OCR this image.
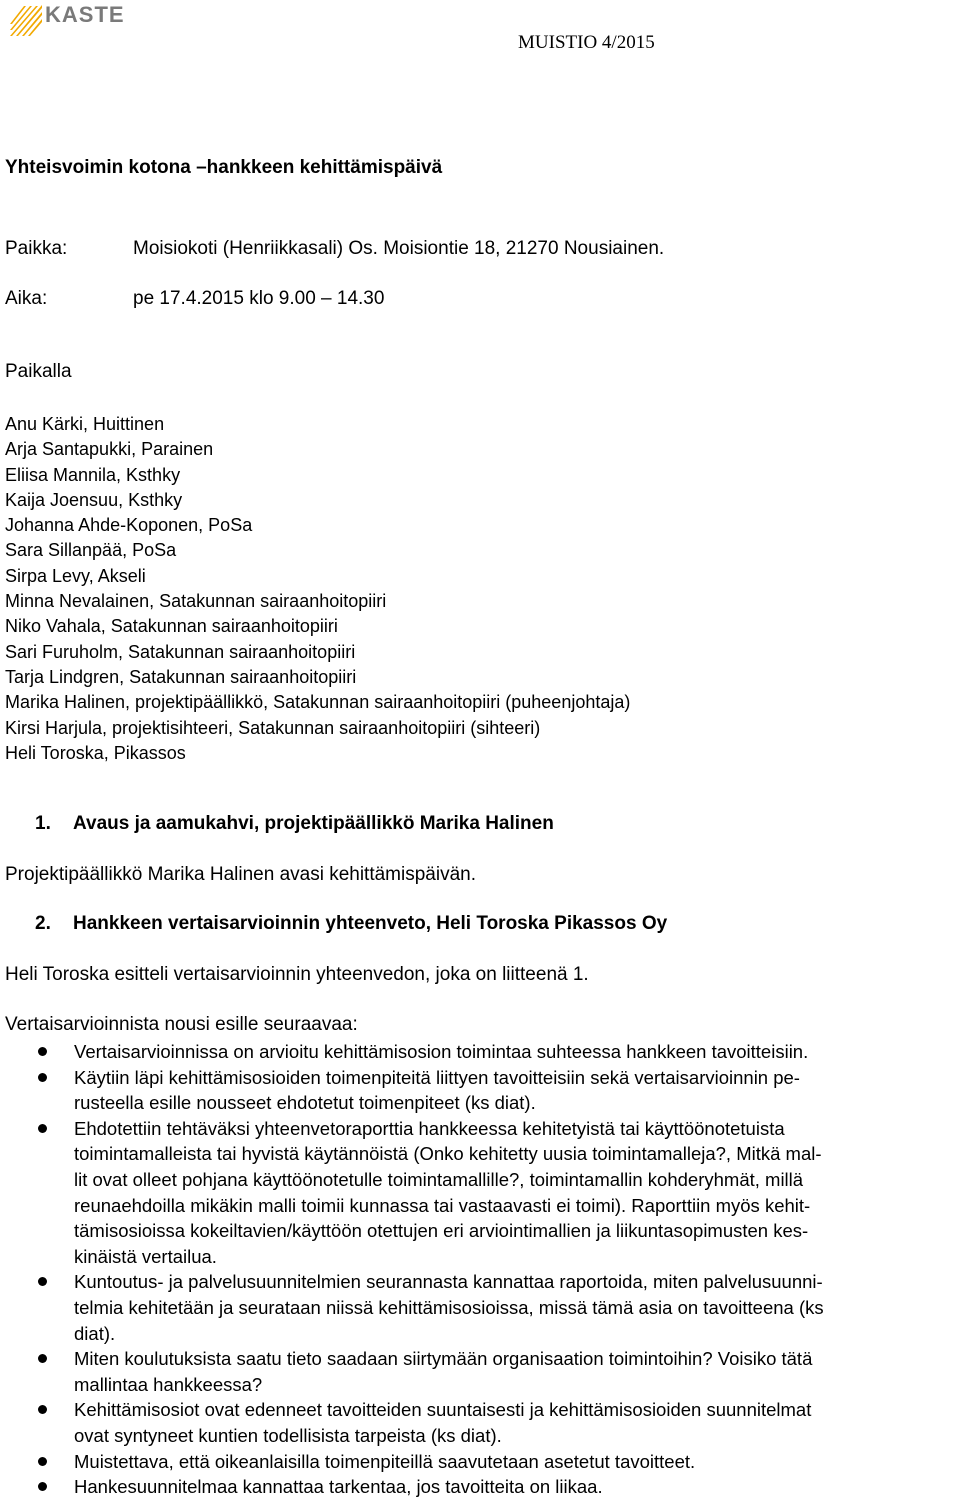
KASTE
MUISTIO 4/2015
Yhteisvoimin kotona –hankkeen kehittämispäivä
Paikka:	Moisiokoti (Henriikkasali) Os. Moisiontie 18, 21270 Nousiainen.
Aika:	pe 17.4.2015 klo 9.00 – 14.30
Paikalla
Anu Kärki, Huittinen
Arja Santapukki, Parainen
Eliisa Mannila, Ksthky
Kaija Joensuu, Ksthky
Johanna Ahde-Koponen, PoSa
Sara Sillanpää, PoSa
Sirpa Levy, Akseli
Minna Nevalainen, Satakunnan sairaanhoitopiiri
Niko Vahala, Satakunnan sairaanhoitopiiri
Sari Furuholm, Satakunnan sairaanhoitopiiri
Tarja Lindgren, Satakunnan sairaanhoitopiiri
Marika Halinen, projektipäällikkö, Satakunnan sairaanhoitopiiri (puheenjohtaja)
Kirsi Harjula, projektisihteeri, Satakunnan sairaanhoitopiiri (sihteeri)
Heli Toroska, Pikassos
1. Avaus ja aamukahvi, projektipäällikkö Marika Halinen
Projektipäällikkö Marika Halinen avasi kehittämispäivän.
2. Hankkeen vertaisarvioinnin yhteenveto, Heli Toroska Pikassos Oy
Heli Toroska esitteli vertaisarvioinnin yhteenvedon, joka on liitteenä 1.
Vertaisarvioinnista nousi esille seuraavaa:
Vertaisarvioinnissa on arvioitu kehittämisosion toimintaa suhteessa hankkeen tavoitteisiin.
Käytiin läpi kehittämisosioiden toimenpiteitä liittyen tavoitteisiin sekä vertaisarvioinnin pe-
rusteella esille nousseet ehdotetut toimenpiteet (ks diat).
Ehdotettiin tehtäväksi yhteenvetoraporttia hankkeessa kehitetyistä tai käyttöönotetuista
toimintamalleista tai hyvistä käytännöistä (Onko kehitetty uusia toimintamalleja?, Mitkä mal-
lit ovat olleet pohjana käyttöönotetulle toimintamallille?, toimintamallin kohderyhmät, millä
reunaehdoilla mikäkin malli toimii kunnassa tai vastaavasti ei toimi). Raporttiin myös kehit-
tämisosioissa kokeiltavien/käyttöön otettujen eri arviointimallien ja liikuntasopimusten kes-
kinäistä vertailua.
Kuntoutus- ja palvelusuunnitelmien seurannasta kannattaa raportoida, miten palvelusuunni-
telmia kehitetään ja seurataan niissä kehittämisosioissa, missä tämä asia on tavoitteena (ks
diat).
Miten koulutuksista saatu tieto saadaan siirtymään organisaation toimintoihin? Voisiko tätä
mallintaa hankkeessa?
Kehittämisosiot ovat edenneet tavoitteiden suuntaisesti ja kehittämisosioiden suunnitelmat
ovat syntyneet kuntien todellisista tarpeista (ks diat).
Muistettava, että oikeanlaisilla toimenpiteillä saavutetaan asetetut tavoitteet.
Hankesuunnitelmaa kannattaa tarkentaa, jos tavoitteita on liikaa.
